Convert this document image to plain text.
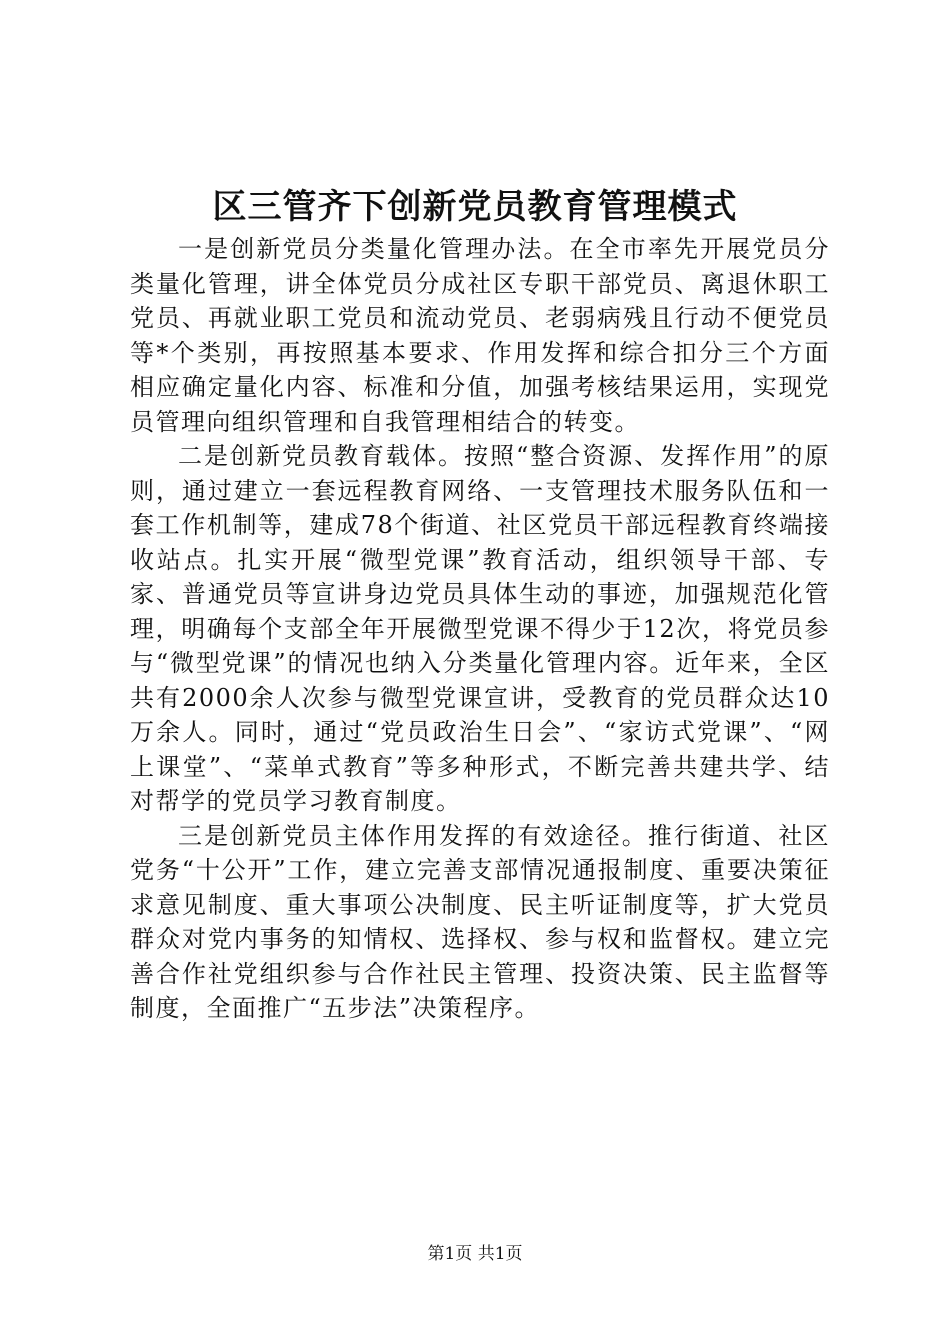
区三管齐下创新党员教育管理模式

一是创新党员分类量化管理办法。在全市率先开展党员分类量化管理，讲全体党员分成社区专职干部党员、离退休职工党员、再就业职工党员和流动党员、老弱病残且行动不便党员等*个类别，再按照基本要求、作用发挥和综合扣分三个方面相应确定量化内容、标准和分值，加强考核结果运用，实现党员管理向组织管理和自我管理相结合的转变。

二是创新党员教育载体。按照“整合资源、发挥作用”的原则，通过建立一套远程教育网络、一支管理技术服务队伍和一套工作机制等，建成78个街道、社区党员干部远程教育终端接收站点。扎实开展“微型党课”教育活动，组织领导干部、专家、普通党员等宣讲身边党员具体生动的事迹，加强规范化管理，明确每个支部全年开展微型党课不得少于12次，将党员参与“微型党课”的情况也纳入分类量化管理内容。近年来，全区共有2000余人次参与微型党课宣讲，受教育的党员群众达10万余人。同时，通过“党员政治生日会”、“家访式党课”、“网上课堂”、“菜单式教育”等多种形式，不断完善共建共学、结对帮学的党员学习教育制度。

三是创新党员主体作用发挥的有效途径。推行街道、社区党务“十公开”工作，建立完善支部情况通报制度、重要决策征求意见制度、重大事项公决制度、民主听证制度等，扩大党员群众对党内事务的知情权、选择权、参与权和监督权。建立完善合作社党组织参与合作社民主管理、投资决策、民主监督等制度，全面推广“五步法”决策程序。

第1页 共1页
